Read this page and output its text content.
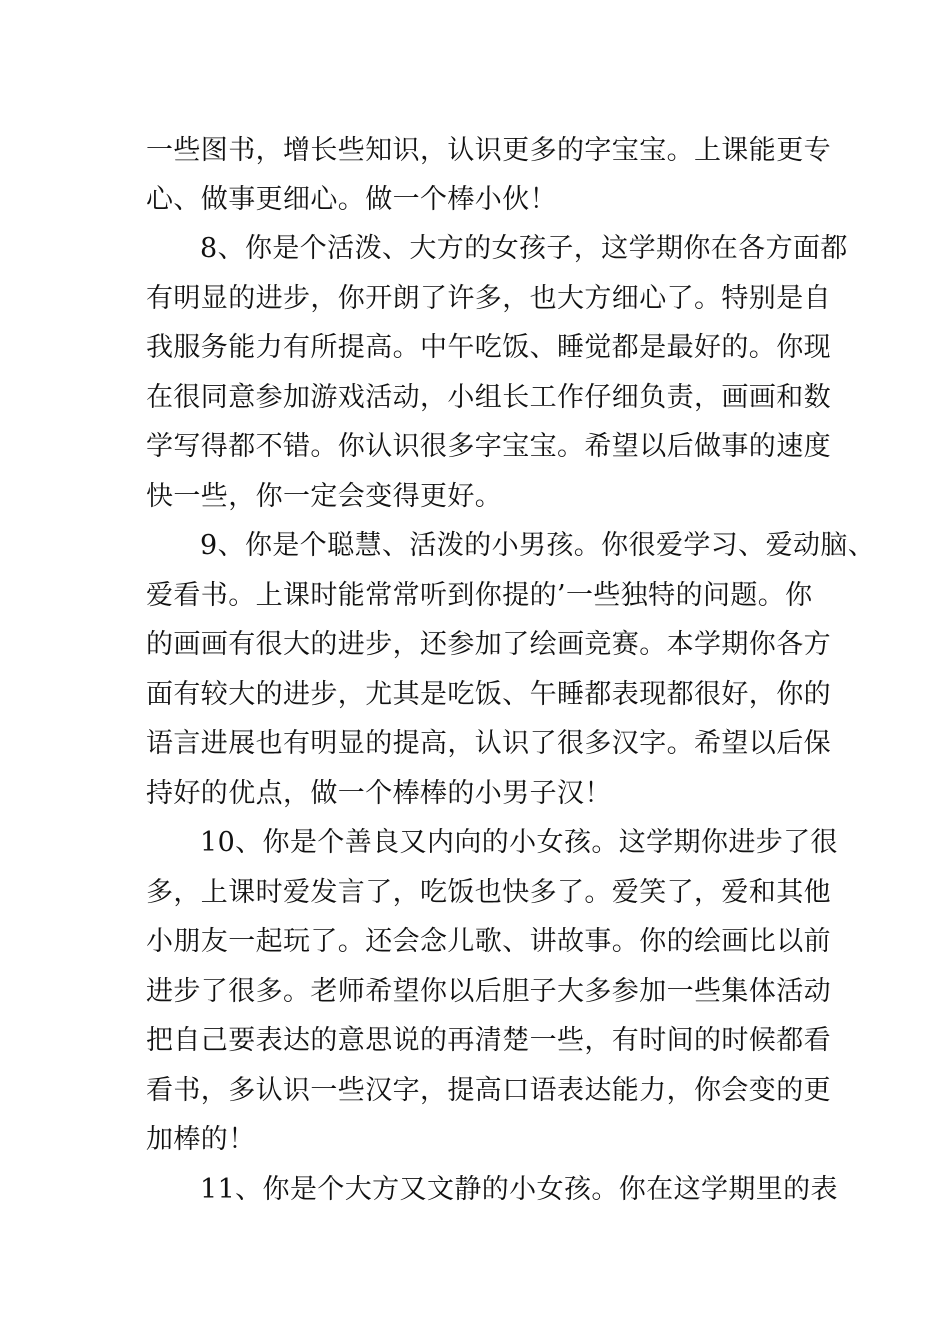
一些图书，增长些知识，认识更多的字宝宝。上课能更专

心、做事更细心。做一个棒小伙！

8、你是个活泼、大方的女孩子，这学期你在各方面都

有明显的进步，你开朗了许多，也大方细心了。特别是自

我服务能力有所提高。中午吃饭、睡觉都是最好的。你现

在很同意参加游戏活动，小组长工作仔细负责，画画和数

学写得都不错。你认识很多字宝宝。希望以后做事的速度

快一些，你一定会变得更好。

9、你是个聪慧、活泼的小男孩。你很爱学习、爱动脑、

爱看书。上课时能常常听到你提的’一些独特的问题。你

的画画有很大的进步，还参加了绘画竞赛。本学期你各方

面有较大的进步，尤其是吃饭、午睡都表现都很好，你的

语言进展也有明显的提高，认识了很多汉字。希望以后保

持好的优点，做一个棒棒的小男子汉！

10、你是个善良又内向的小女孩。这学期你进步了很

多，上课时爱发言了，吃饭也快多了。爱笑了，爱和其他

小朋友一起玩了。还会念儿歌、讲故事。你的绘画比以前

进步了很多。老师希望你以后胆子大多参加一些集体活动

把自己要表达的意思说的再清楚一些，有时间的时候都看

看书，多认识一些汉字，提高口语表达能力，你会变的更

加棒的！

11、你是个大方又文静的小女孩。你在这学期里的表
